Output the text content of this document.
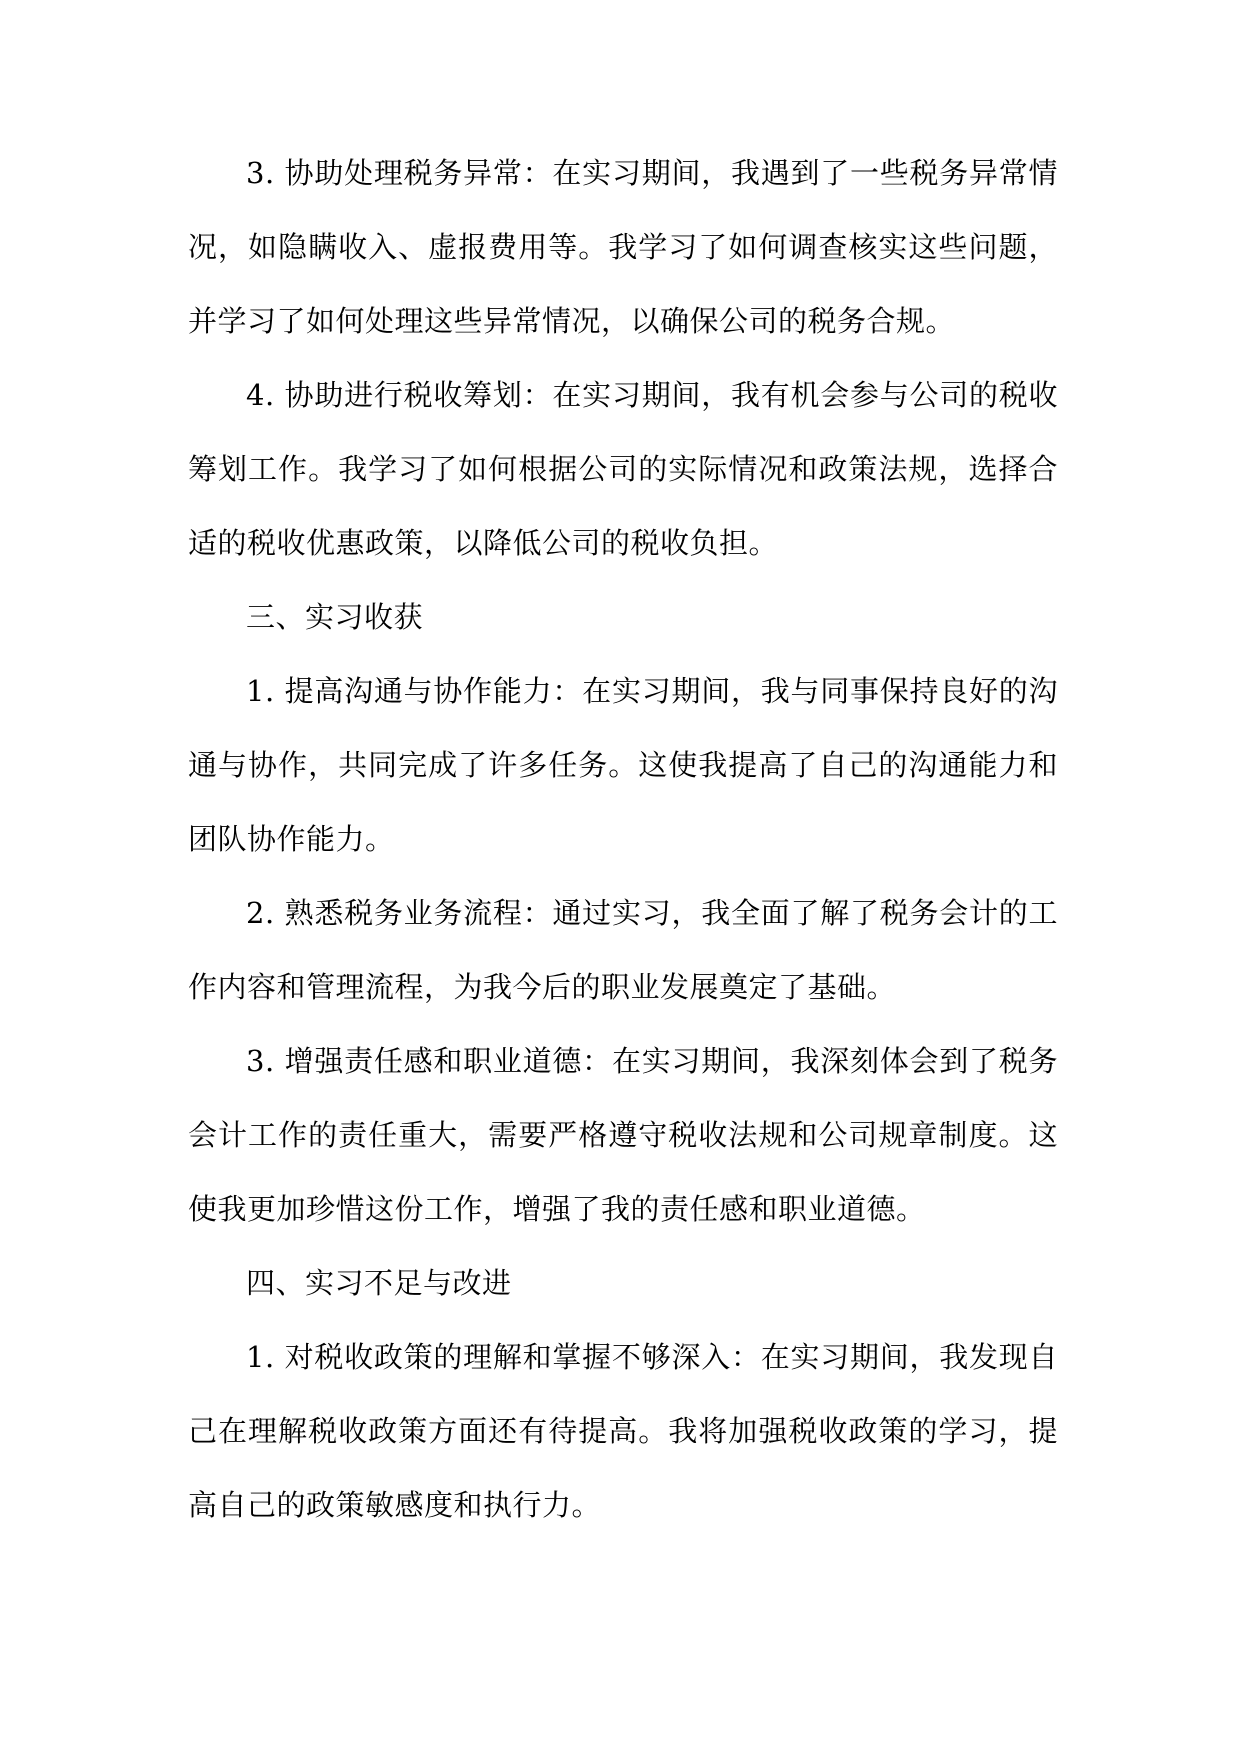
3. 协助处理税务异常：在实习期间，我遇到了一些税务异常情况，如隐瞒收入、虚报费用等。我学习了如何调查核实这些问题，并学习了如何处理这些异常情况，以确保公司的税务合规。

4. 协助进行税收筹划：在实习期间，我有机会参与公司的税收筹划工作。我学习了如何根据公司的实际情况和政策法规，选择合适的税收优惠政策，以降低公司的税收负担。

三、实习收获

1. 提高沟通与协作能力：在实习期间，我与同事保持良好的沟通与协作，共同完成了许多任务。这使我提高了自己的沟通能力和团队协作能力。

2. 熟悉税务业务流程：通过实习，我全面了解了税务会计的工作内容和管理流程，为我今后的职业发展奠定了基础。

3. 增强责任感和职业道德：在实习期间，我深刻体会到了税务会计工作的责任重大，需要严格遵守税收法规和公司规章制度。这使我更加珍惜这份工作，增强了我的责任感和职业道德。

四、实习不足与改进

1. 对税收政策的理解和掌握不够深入：在实习期间，我发现自己在理解税收政策方面还有待提高。我将加强税收政策的学习，提高自己的政策敏感度和执行力。
